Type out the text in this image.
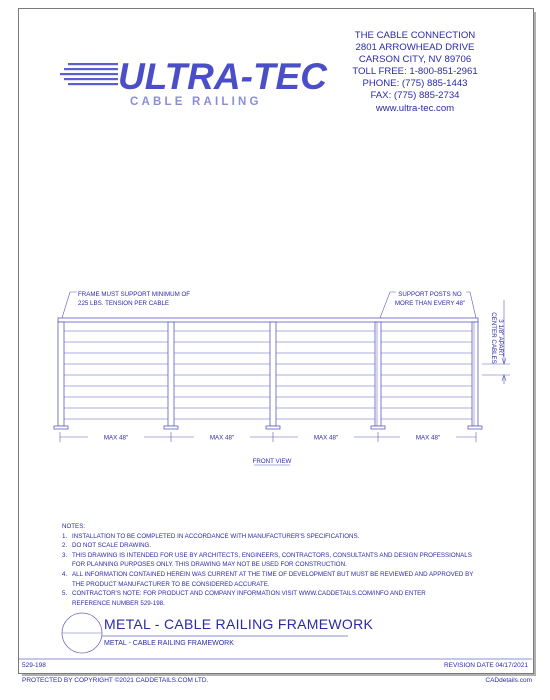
ULTRA-TEC
CABLE RAILING
THE CABLE CONNECTION
2801 ARROWHEAD DRIVE
CARSON CITY, NV 89706
TOLL FREE: 1-800-851-2961
PHONE: (775) 885-1443
FAX: (775) 885-2734
www.ultra-tec.com
MAX 48"	MAX 48"	MAX 48"	MAX 48"
FRAME MUST SUPPORT MINIMUM OF
225 LBS. TENSION PER CABLE
SUPPORT POSTS NO
MORE THAN EVERY 48"
CENTER CABLES 3 1/8" APART
FRONT VIEW
NOTES:
1. INSTALLATION TO BE COMPLETED IN ACCORDANCE WITH MANUFACTURER'S SPECIFICATIONS.
2. DO NOT SCALE DRAWING.
3. THIS DRAWING IS INTENDED FOR USE BY ARCHITECTS, ENGINEERS, CONTRACTORS, CONSULTANTS AND DESIGN PROFESSIONALS
FOR PLANNING PURPOSES ONLY. THIS DRAWING MAY NOT BE USED FOR CONSTRUCTION.
4. ALL INFORMATION CONTAINED HEREIN WAS CURRENT AT THE TIME OF DEVELOPMENT BUT MUST BE REVIEWED AND APPROVED BY
THE PRODUCT MANUFACTURER TO BE CONSIDERED ACCURATE.
5. CONTRACTOR'S NOTE: FOR PRODUCT AND COMPANY INFORMATION VISIT WWW.CADDETAILS.COM/INFO AND ENTER
REFERENCE NUMBER 529-198.
METAL - CABLE RAILING FRAMEWORK
METAL - CABLE RAILING FRAMEWORK
529-198	REVISION DATE 04/17/2021
PROTECTED BY COPYRIGHT ©2021 CADDETAILS.COM LTD.	CADdetails.com
